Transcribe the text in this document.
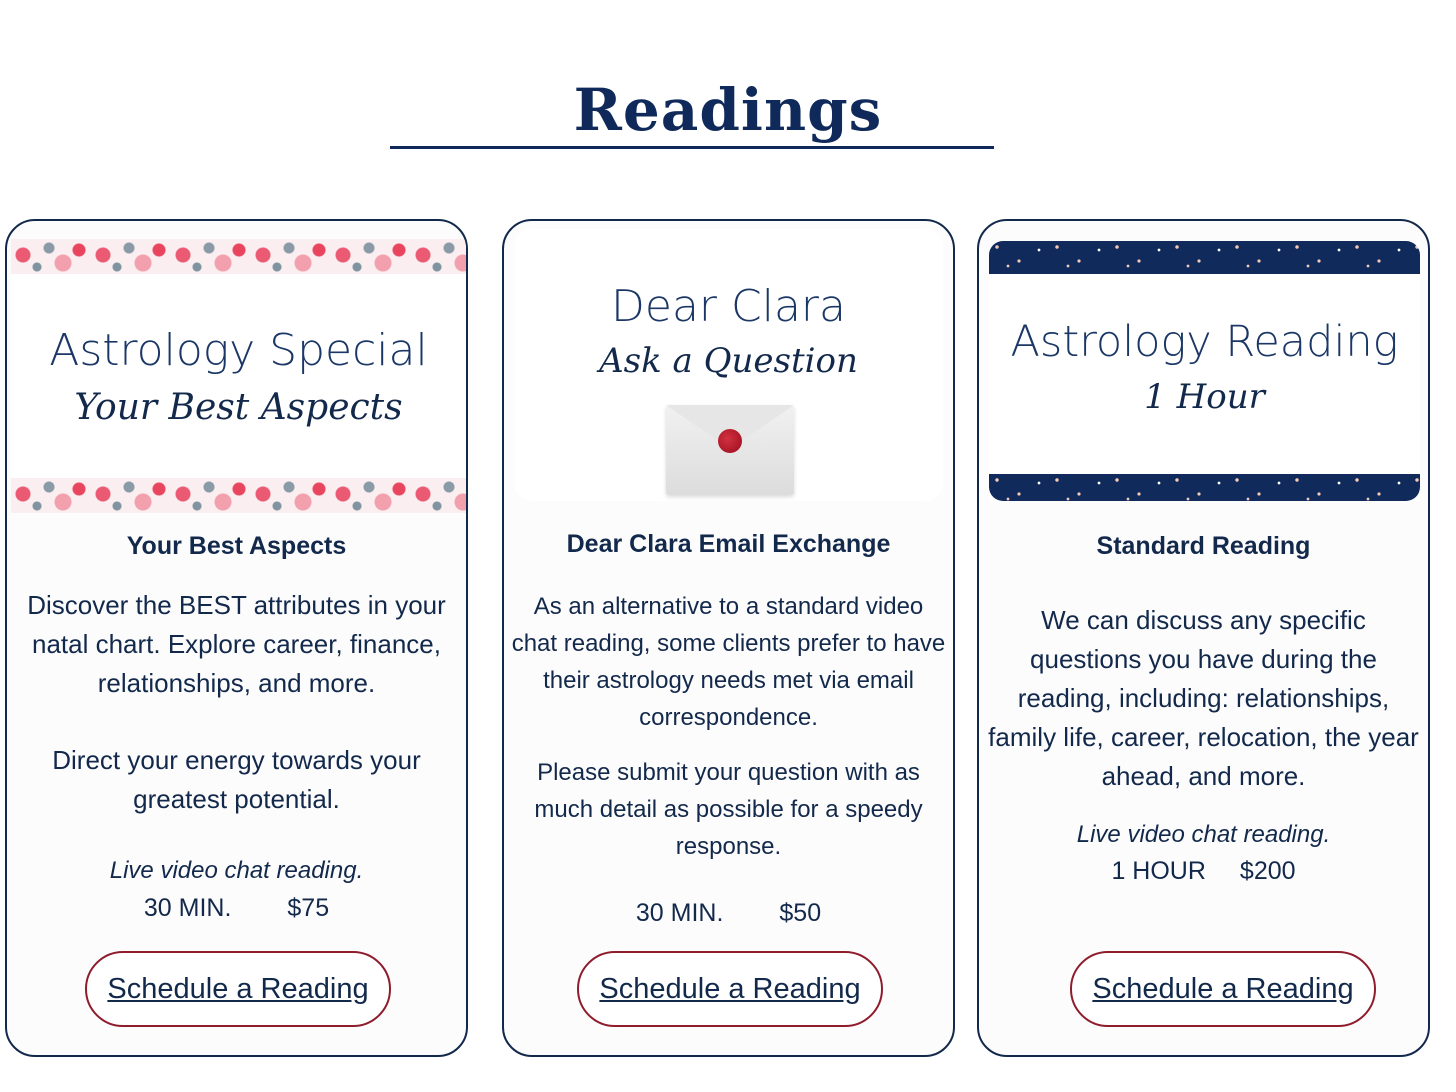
Readings
Astrology Special
Your Best Aspects
Your Best Aspects

Discover the BEST attributes in your natal chart. Explore career, finance, relationships, and more.

Direct your energy towards your greatest potential.

Live video chat reading.
30 MIN. $75
Schedule a Reading
Dear Clara
Ask a Question
Dear Clara Email Exchange

As an alternative to a standard video chat reading, some clients prefer to have their astrology needs met via email correspondence.

Please submit your question with as much detail as possible for a speedy response.

30 MIN. $50
Schedule a Reading
Astrology Reading
1 Hour
Standard Reading

We can discuss any specific questions you have during the reading, including: relationships, family life, career, relocation, the year ahead, and more.

Live video chat reading.
1 HOUR $200
Schedule a Reading
